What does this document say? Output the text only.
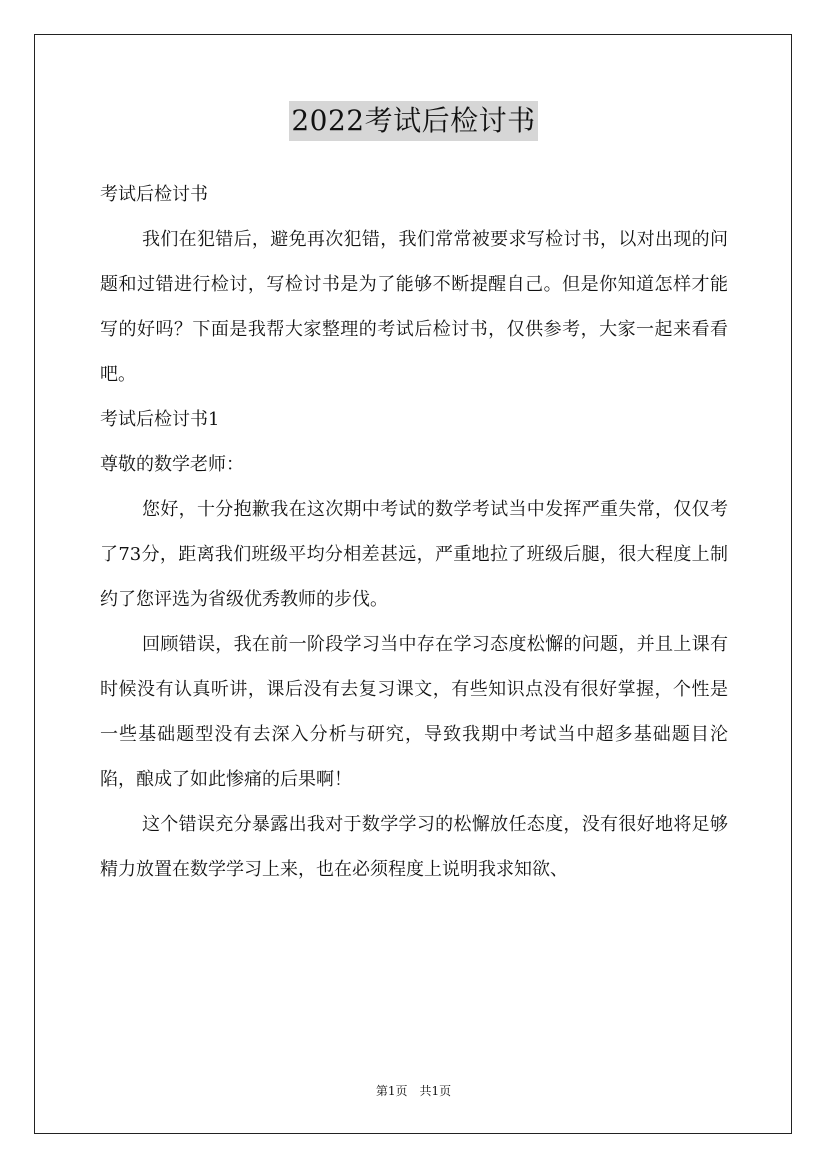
2022考试后检讨书

考试后检讨书

我们在犯错后，避免再次犯错，我们常常被要求写检讨书，以对出现的问题和过错进行检讨，写检讨书是为了能够不断提醒自己。但是你知道怎样才能写的好吗？下面是我帮大家整理的考试后检讨书，仅供参考，大家一起来看看吧。

考试后检讨书1

尊敬的数学老师：

您好，十分抱歉我在这次期中考试的数学考试当中发挥严重失常，仅仅考了73分，距离我们班级平均分相差甚远，严重地拉了班级后腿，很大程度上制约了您评选为省级优秀教师的步伐。

回顾错误，我在前一阶段学习当中存在学习态度松懈的问题，并且上课有时候没有认真听讲，课后没有去复习课文，有些知识点没有很好掌握，个性是一些基础题型没有去深入分析与研究，导致我期中考试当中超多基础题目沦陷，酿成了如此惨痛的后果啊！

这个错误充分暴露出我对于数学学习的松懈放任态度，没有很好地将足够精力放置在数学学习上来，也在必须程度上说明我求知欲、

第1页 共1页
